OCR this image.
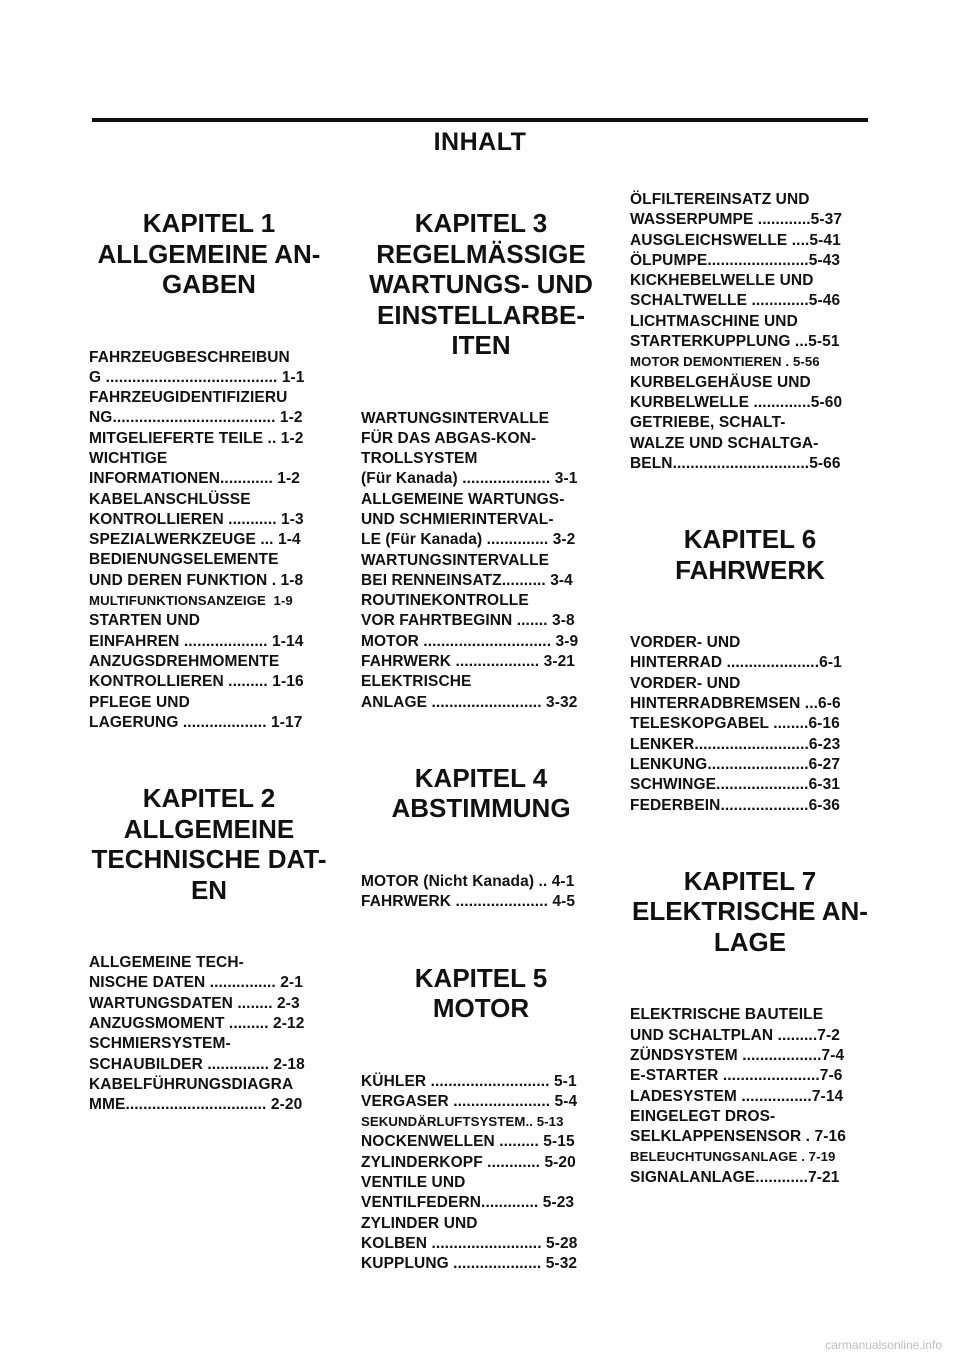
INHALT
KAPITEL 1
ALLGEMEINE AN-
GABEN
FAHRZEUGBESCHREIBUN
G ....................................... 1-1
FAHRZEUGIDENTIFIZIERU
NG..................................... 1-2
MITGELIEFERTE TEILE .. 1-2
WICHTIGE
INFORMATIONEN............ 1-2
KABELANSCHLÜSSE
KONTROLLIEREN ........... 1-3
SPEZIALWERKZEUGE ... 1-4
BEDIENUNGSELEMENTE
UND DEREN FUNKTION . 1-8
MULTIFUNKTIONSANZEIGE  1-9
STARTEN UND
EINFAHREN ................... 1-14
ANZUGSDREHMOMENTE
KONTROLLIEREN ......... 1-16
PFLEGE UND
LAGERUNG ................... 1-17
KAPITEL 2
ALLGEMEINE
TECHNISCHE DAT-
EN
ALLGEMEINE TECH-
NISCHE DATEN ............... 2-1
WARTUNGSDATEN ........ 2-3
ANZUGSMOMENT ......... 2-12
SCHMIERSYSTEM-
SCHAUBILDER .............. 2-18
KABELFÜHRUNGSDIAGRA
MME................................ 2-20
KAPITEL 3
REGELMÄSSIGE
WARTUNGS- UND
EINSTELLARBE-
ITEN
WARTUNGSINTERVALLE
FÜR DAS ABGAS-KON-
TROLLSYSTEM
(Für Kanada) .................... 3-1
ALLGEMEINE WARTUNGS-
UND SCHMIERINTERVAL-
LE (Für Kanada) .............. 3-2
WARTUNGSINTERVALLE
BEI RENNEINSATZ.......... 3-4
ROUTINEKONTROLLE
VOR FAHRTBEGINN ....... 3-8
MOTOR ............................. 3-9
FAHRWERK ................... 3-21
ELEKTRISCHE
ANLAGE ......................... 3-32
KAPITEL 4
ABSTIMMUNG
MOTOR (Nicht Kanada) .. 4-1
FAHRWERK ..................... 4-5
KAPITEL 5
MOTOR
KÜHLER ........................... 5-1
VERGASER ...................... 5-4
SEKUNDÄRLUFTSYSTEM.. 5-13
NOCKENWELLEN ......... 5-15
ZYLINDERKOPF ............ 5-20
VENTILE UND
VENTILFEDERN............. 5-23
ZYLINDER UND
KOLBEN ......................... 5-28
KUPPLUNG .................... 5-32
ÖLFILTEREINSATZ UND
WASSERPUMPE ............5-37
AUSGLEICHSWELLE ....5-41
ÖLPUMPE.......................5-43
KICKHEBELWELLE UND
SCHALTWELLE .............5-46
LICHTMASCHINE UND
STARTERKUPPLUNG ...5-51
MOTOR DEMONTIEREN . 5-56
KURBELGEHÄUSE UND
KURBELWELLE .............5-60
GETRIEBE, SCHALT-
WALZE UND SCHALTGA-
BELN...............................5-66
KAPITEL 6
FAHRWERK
VORDER- UND
HINTERRAD .....................6-1
VORDER- UND
HINTERRADBREMSEN ...6-6
TELESKOPGABEL ........6-16
LENKER..........................6-23
LENKUNG.......................6-27
SCHWINGE.....................6-31
FEDERBEIN....................6-36
KAPITEL 7
ELEKTRISCHE AN-
LAGE
ELEKTRISCHE BAUTEILE
UND SCHALTPLAN .........7-2
ZÜNDSYSTEM ..................7-4
E-STARTER ......................7-6
LADESYSTEM ................7-14
EINGELEGT DROS-
SELKLAPPENSENSOR . 7-16
BELEUCHTUNGSANLAGE . 7-19
SIGNALANLAGE............7-21
carmanualsonline.info
